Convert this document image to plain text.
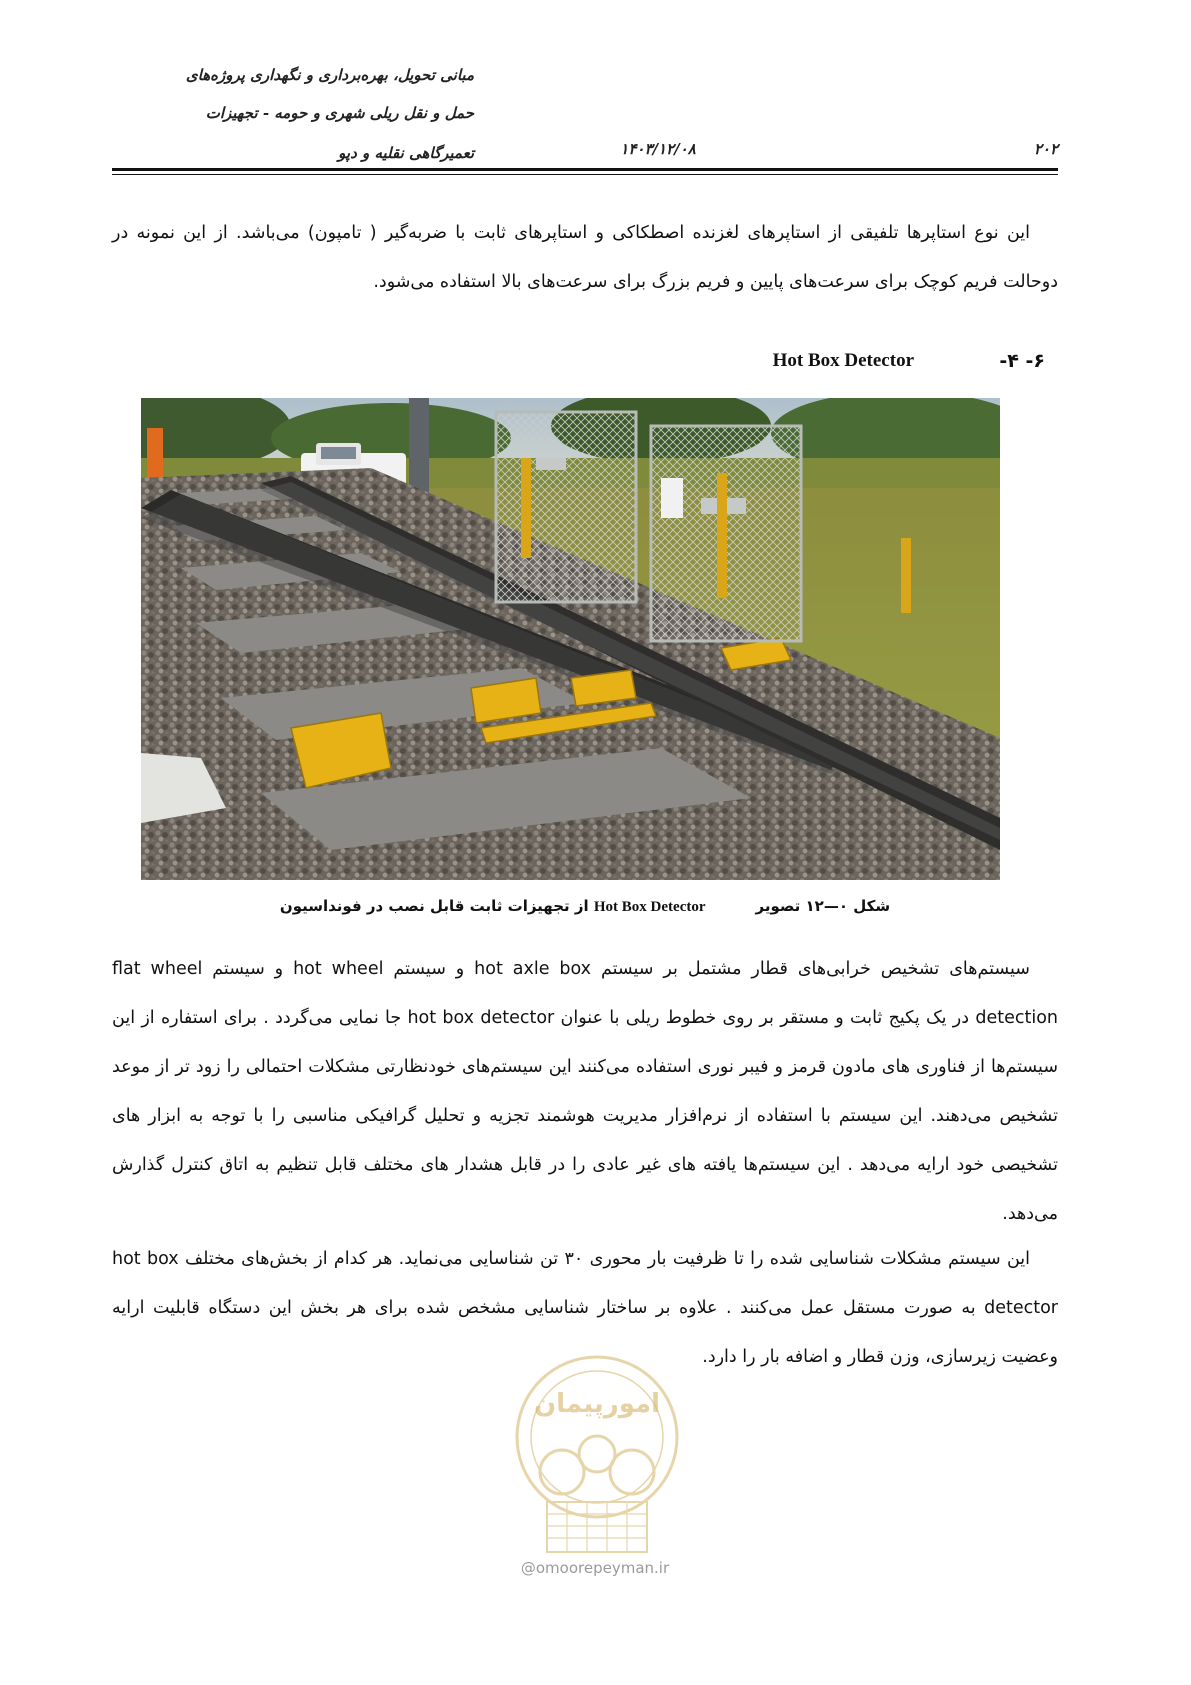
مبانی تحویل، بهره‌برداری و نگهداری پروژه‌های
حمل و نقل ریلی شهری و حومه - تجهیزات
تعمیرگاهی نقلیه و دپو	۱۴۰۳/۱۲/۰۸	۲۰۲

این نوع استاپرها تلفیقی از استاپرهای لغزنده اصطکاکی و استاپرهای ثابت با ضربه‌گیر ( تامپون) می‌باشد. از این نمونه در دوحالت فریم کوچک برای سرعت‌های پایین و فریم بزرگ برای سرعت‌های بالا استفاده می‌شود.

Hot Box Detector	۶- ۴-
شکل ۰—۱۲ تصویرHot Box Detector از تجهیزات ثابت قابل نصب در فونداسیون

سیستم‌های تشخیص خرابی‌های قطار مشتمل بر سیستم hot axle box و سیستم hot wheel و سیستم flat wheel detection در یک پکیج ثابت و مستقر بر روی خطوط ریلی با عنوان hot box detector جا نمایی می‌گردد . برای استفاره از این سیستم‌ها از فناوری های مادون قرمز و فیبر نوری استفاده می‌کنند این سیستم‌های خودنظارتی مشکلات احتمالی را زود تر از موعد تشخیص می‌دهند. این سیستم با استفاده از نرم‌افزار مدیریت هوشمند تجزیه و تحلیل گرافیکی مناسبی را با توجه به ابزار های تشخیصی خود ارایه می‌دهد . این سیستم‌ها یافته های غیر عادی را در قابل هشدار های مختلف قابل تنظیم به اتاق کنترل گذارش می‌دهد.

این سیستم مشکلات شناسایی شده را تا ظرفیت بار محوری ۳۰ تن شناسایی می‌نماید. هر کدام از بخش‌های مختلف hot box detector به صورت مستقل عمل می‌کنند . علاوه بر ساختار شناسایی مشخص شده برای هر بخش این دستگاه قابلیت ارایه وعضیت زیرسازی، وزن قطار و اضافه بار را دارد.

امورپیمان
@omoorepeyman.ir
